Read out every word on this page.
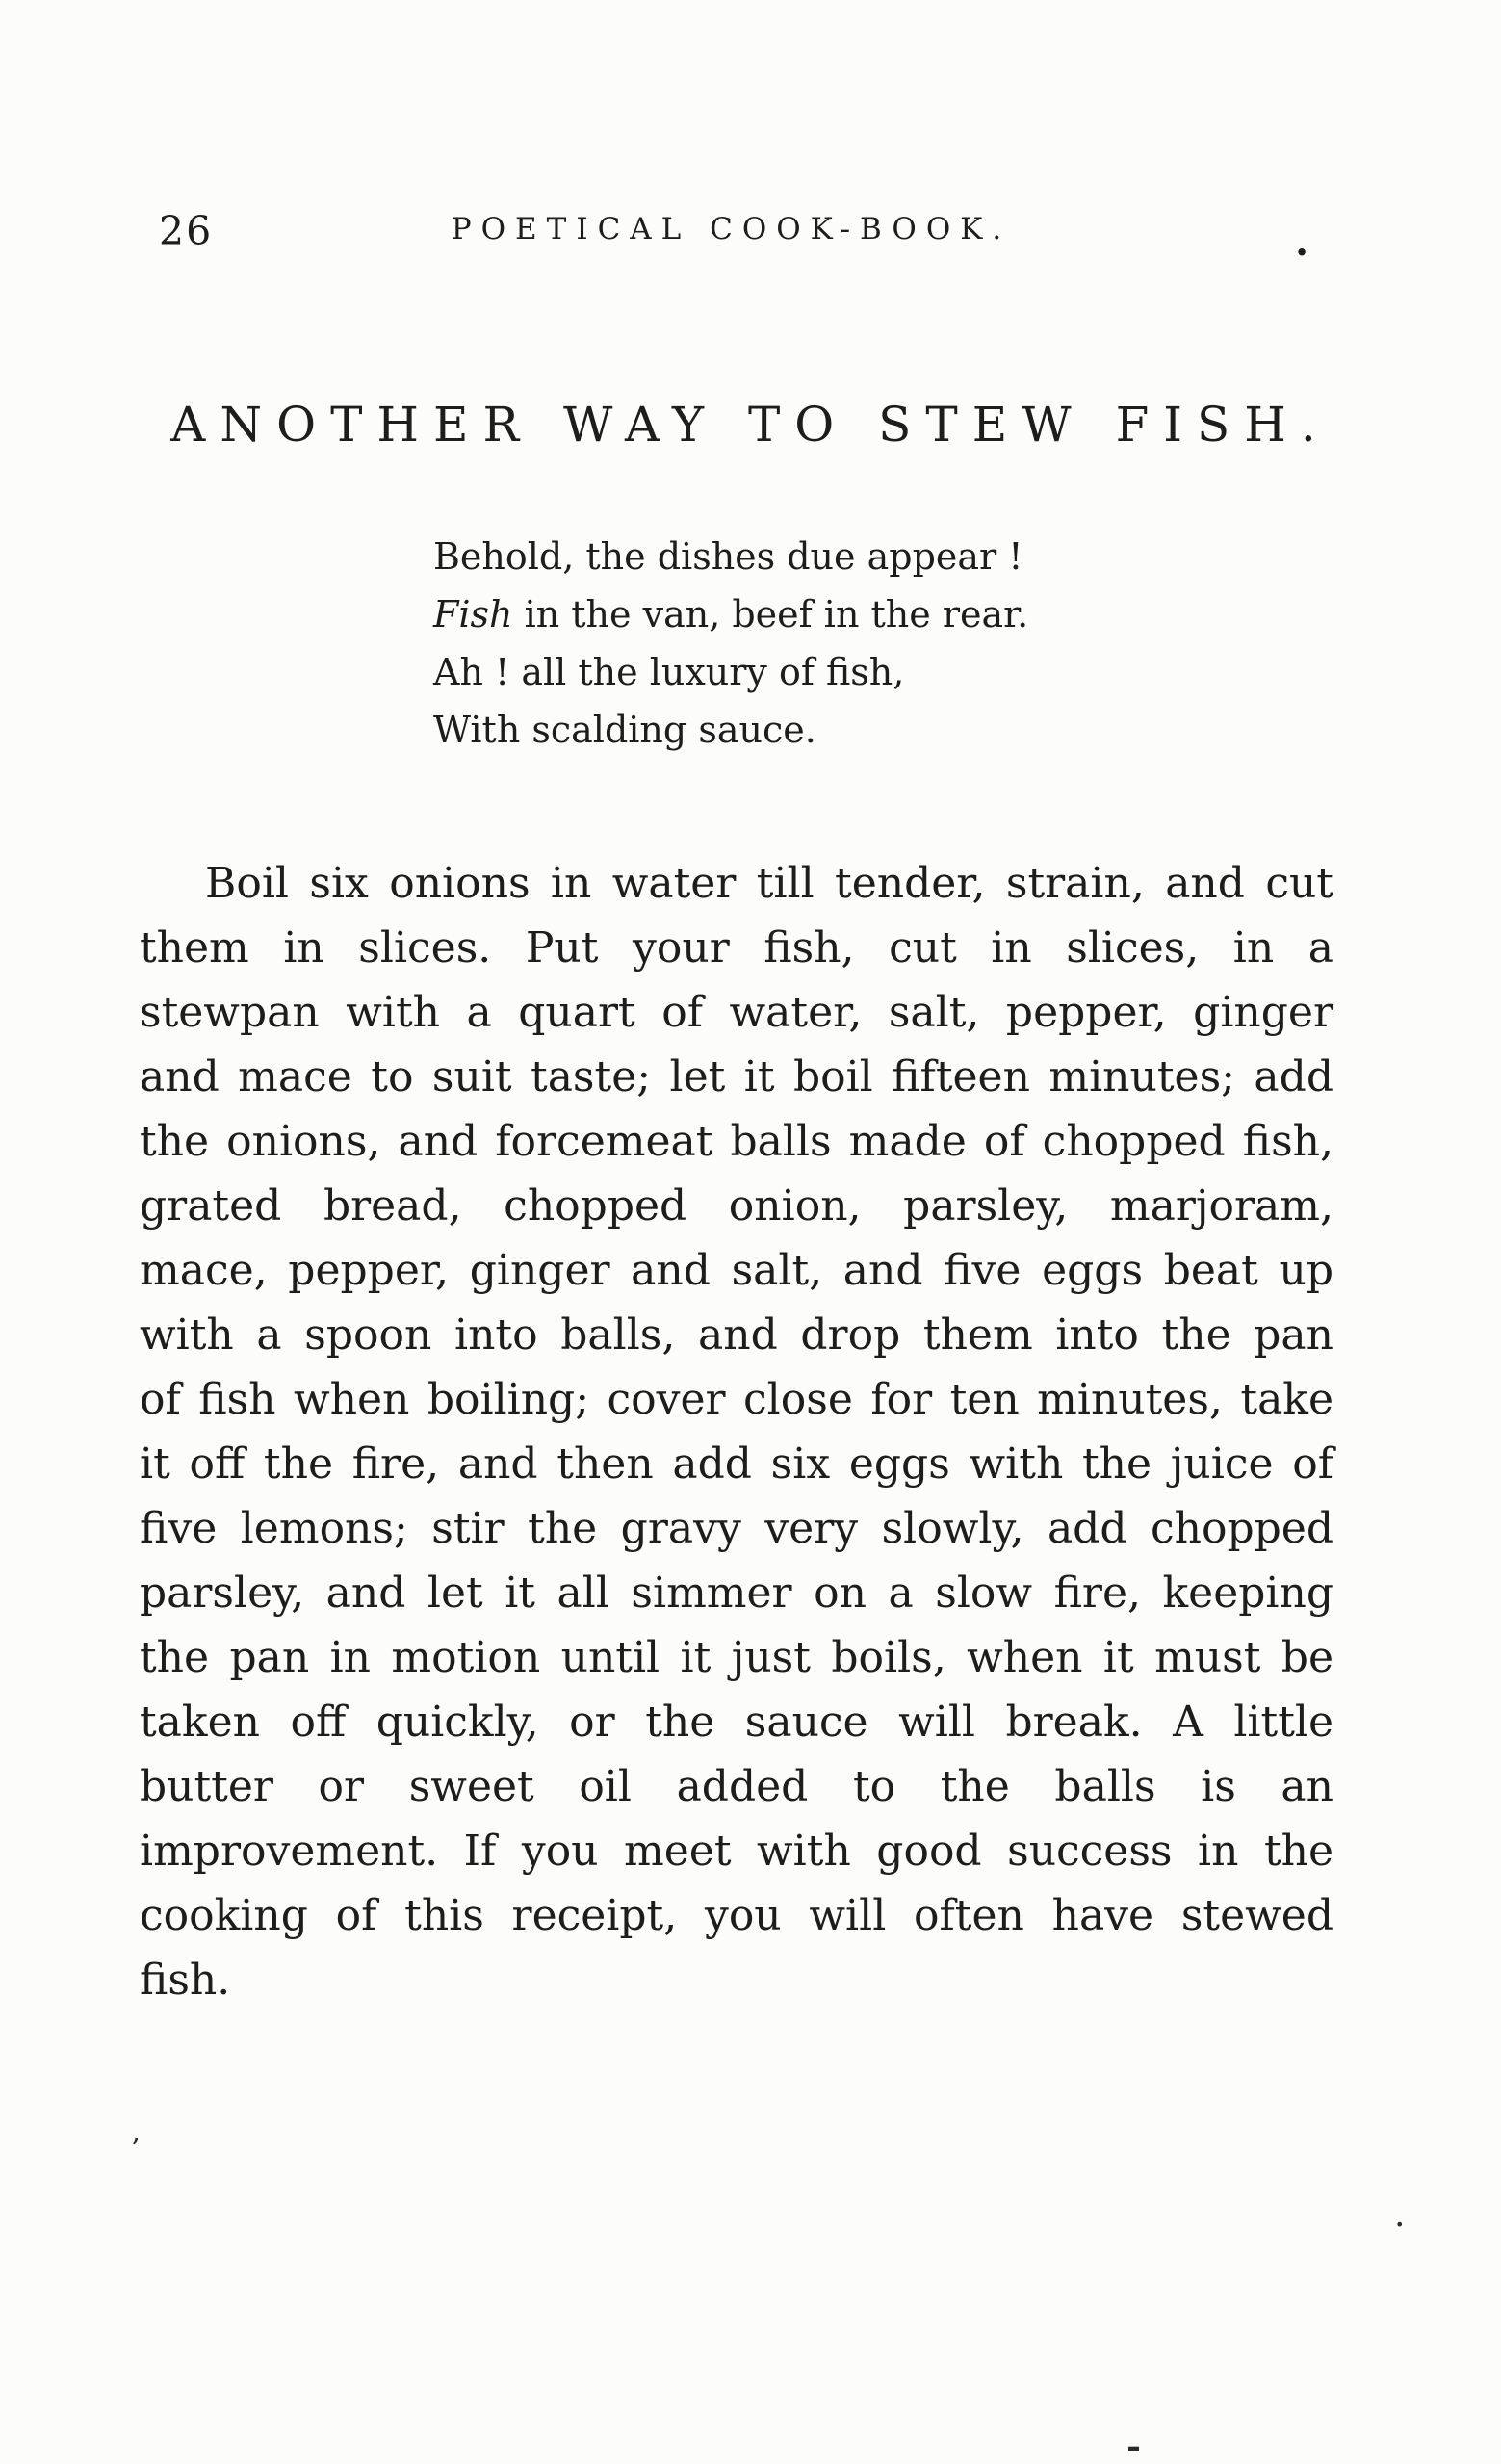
26	POETICAL COOK-BOOK.	.
ANOTHER WAY TO STEW FISH.
Behold, the dishes due appear !
Fish in the van, beef in the rear.
Ah ! all the luxury of fish,
With scalding sauce.

Boil six onions in water till tender, strain, and cut them in slices. Put your fish, cut in slices, in a stewpan with a quart of water, salt, pepper, ginger and mace to suit taste; let it boil fifteen minutes; add the onions, and forcemeat balls made of chopped fish, grated bread, chopped onion, parsley, marjoram, mace, pepper, ginger and salt, and five eggs beat up with a spoon into balls, and drop them into the pan of fish when boiling; cover close for ten minutes, take it off the fire, and then add six eggs with the juice of five lemons; stir the gravy very slowly, add chopped parsley, and let it all simmer on a slow fire, keeping the pan in motion until it just boils, when it must be taken off quickly, or the sauce will break. A little butter or sweet oil added to the balls is an improvement. If you meet with good success in the cooking of this receipt, you will often have stewed fish.

’
.
-
